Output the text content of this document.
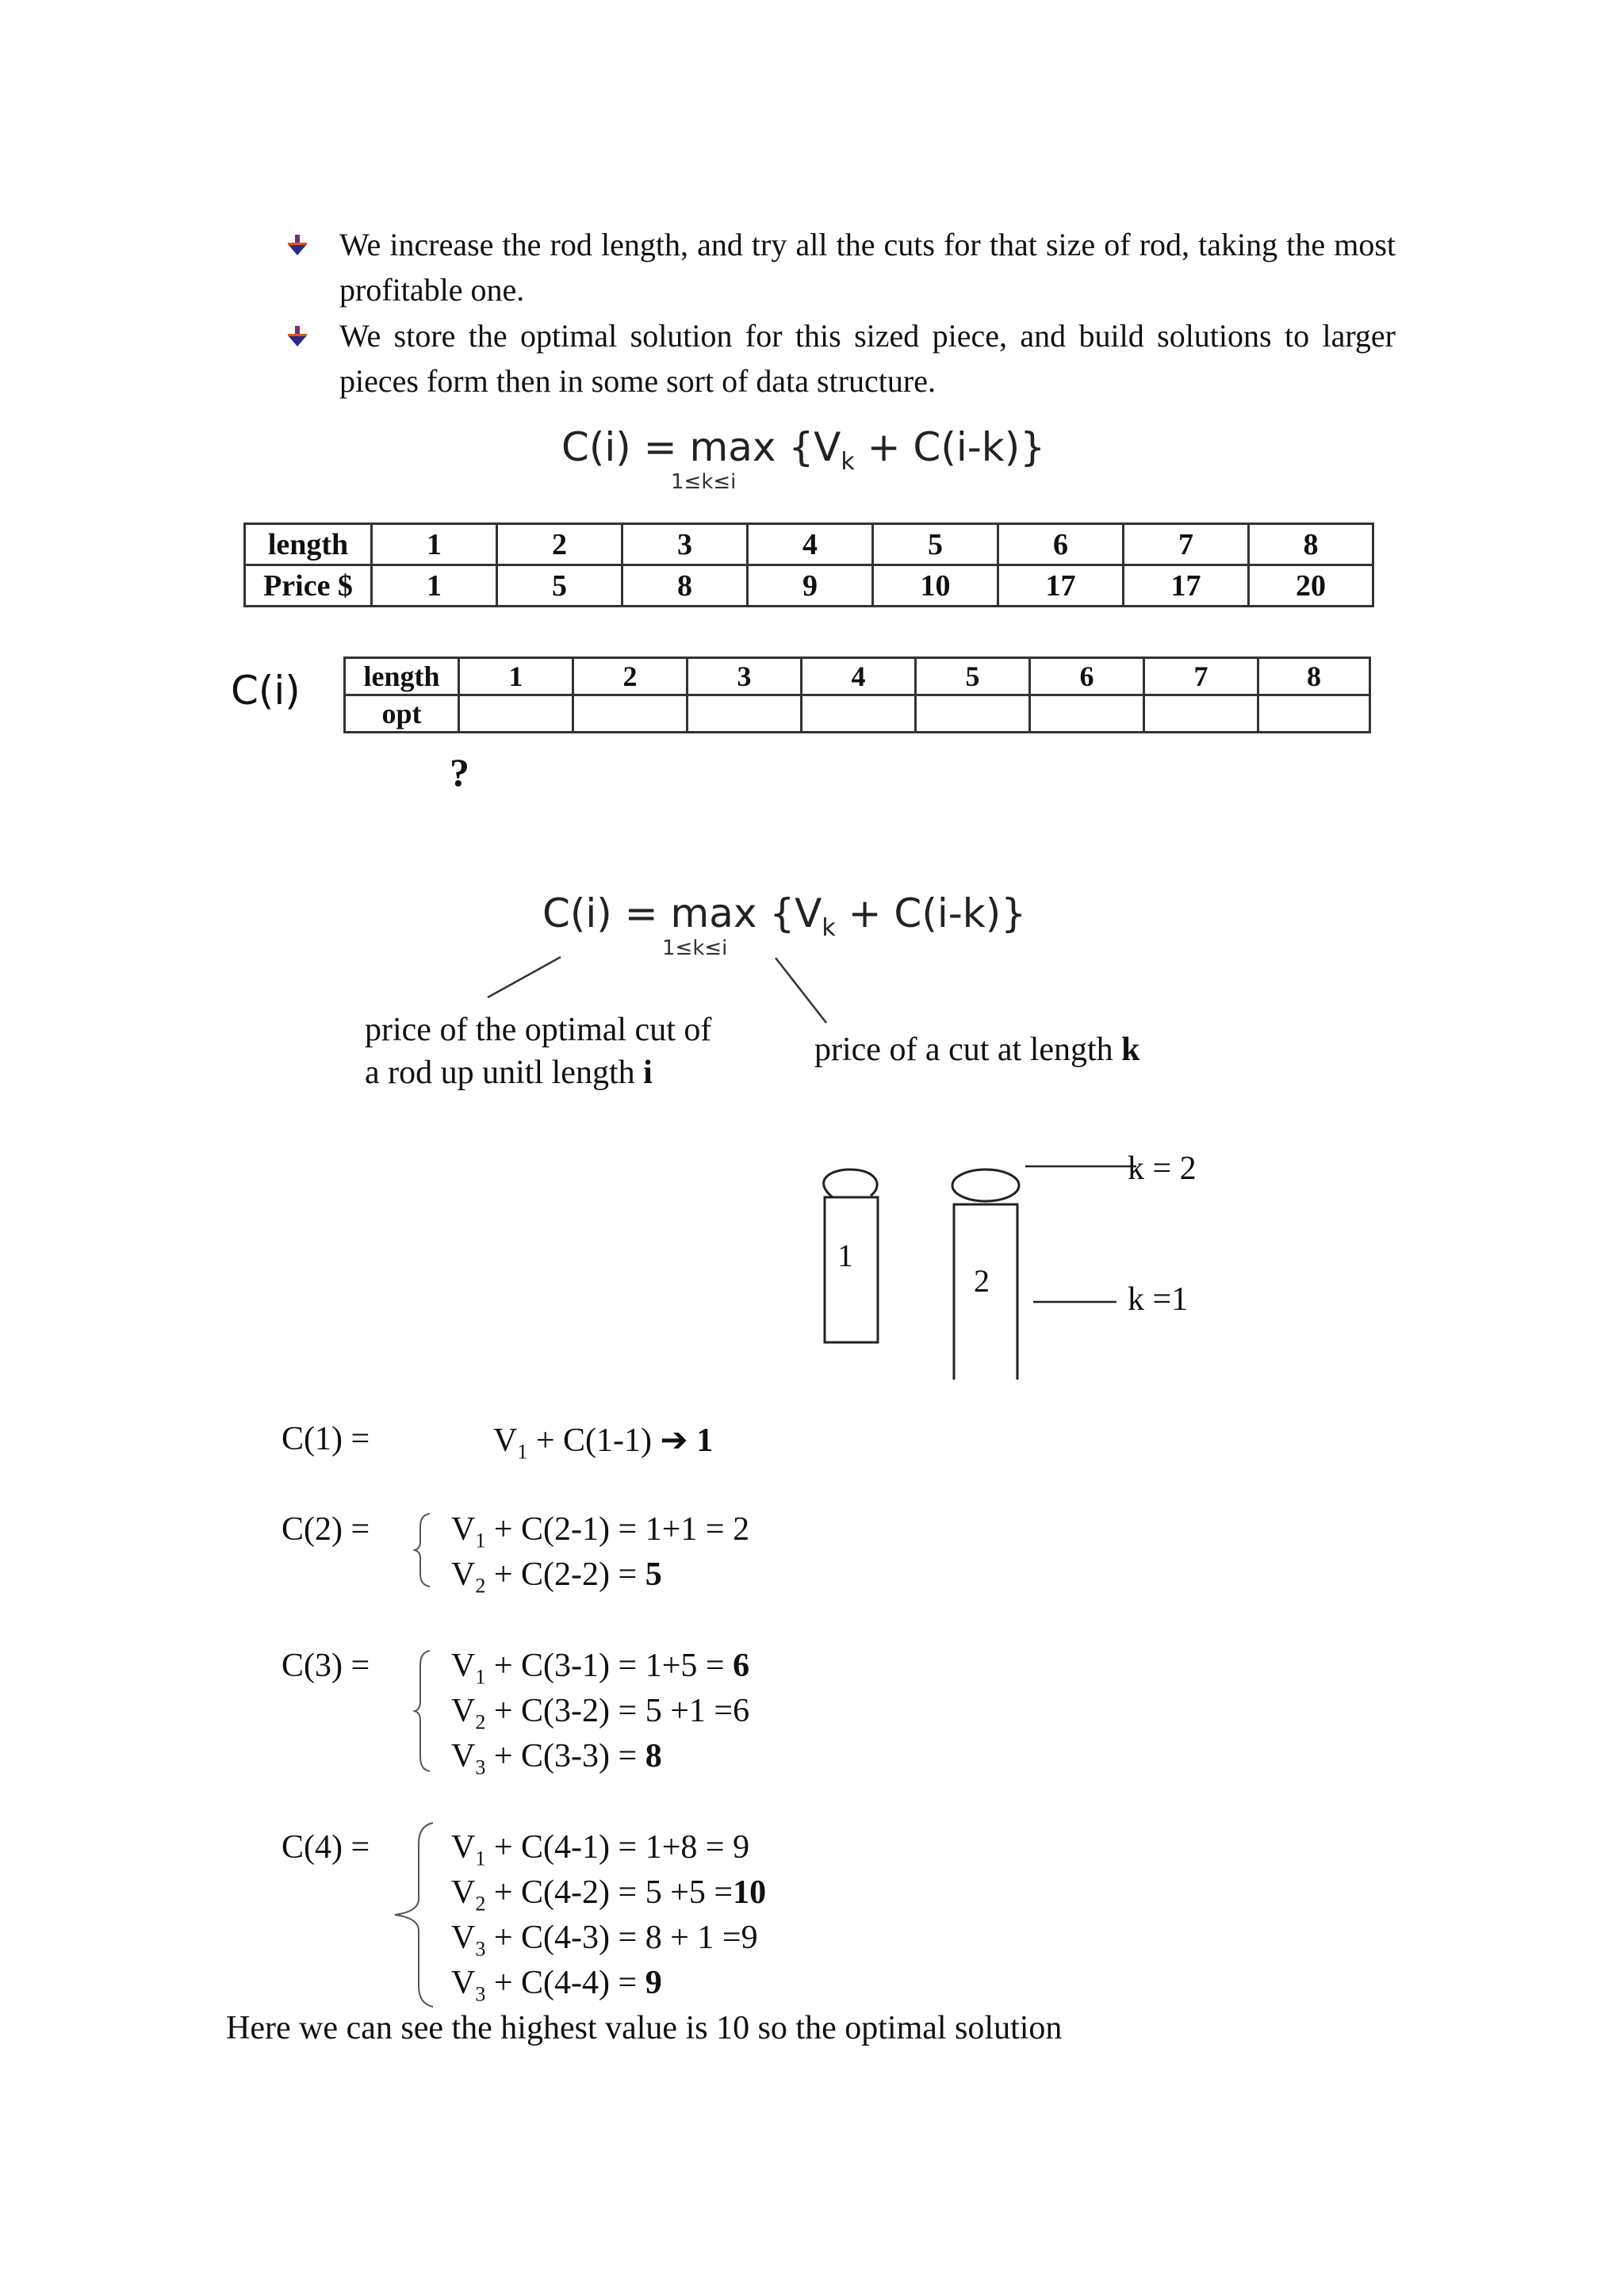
We increase the rod length, and try all the cuts for that size of rod, taking the most profitable one.
We store the optimal solution for this sized piece, and build solutions to larger pieces form then in some sort of data structure.
$C(i) = \max \{V_k + C(i-k)\}$
1≤k≤i
length	1	2	3	4	5	6	7	8
Price $	1	5	8	9	10	17	17	20
C(i) length	1	2	3	4	5	6	7	8
opt								
?
$C(i) = \max \{V_k + C(i-k)\}$
1≤k≤i
price of the optimal cut of
a rod up unitl length i
price of a cut at length k
1
2
k = 2
k =1
C(1) =	$V_1 + C(1-1)$ ➔ 1
$C(2) = V_1 + C(2-1) = 1+1 = 2$
$V_2 + C(2-2) = 5$
$C(3) = V_1 + C(3-1) = 1+5 = 6$
$V_2 + C(3-2) = 5 +1 =6$
$V_3 + C(3-3) = 8$
$C(4) = V_1 + C(4-1) = 1+8 = 9$
$V_2 + C(4-2) = 5 +5 =10$
$V_3 + C(4-3) = 8 + 1 =9$
$V_3 + C(4-4) = 9$
Here we can see the highest value is 10 so the optimal solution
